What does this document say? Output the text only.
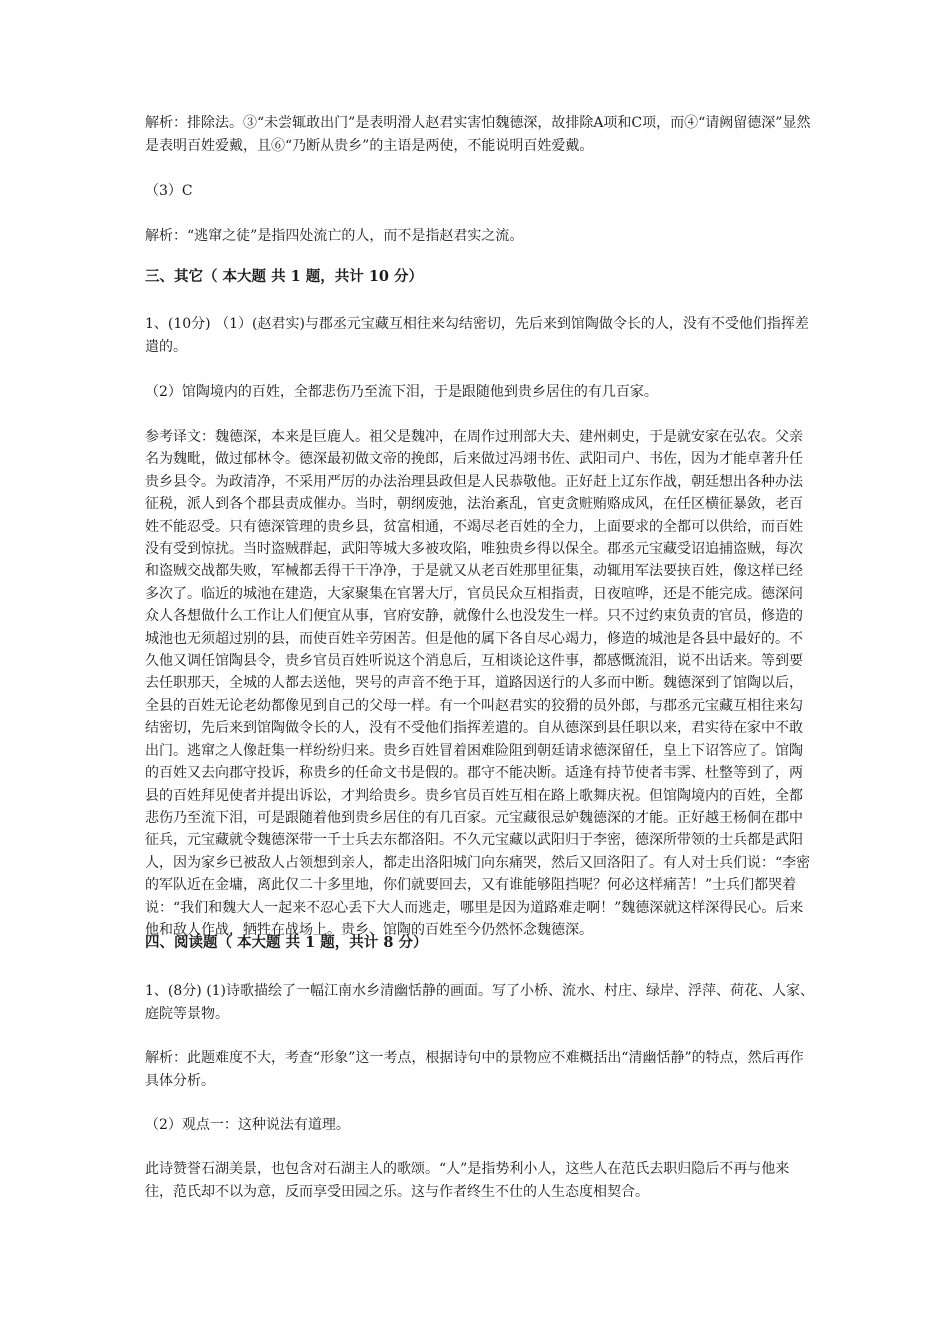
解析：排除法。③“未尝辄敢出门”是表明滑人赵君实害怕魏德深，故排除A项和C项，而④“请阙留德深”显然是表明百姓爱戴，且⑥“乃断从贵乡”的主语是两使，不能说明百姓爱戴。

（3）C

解析：“逃窜之徒”是指四处流亡的人，而不是指赵君实之流。

三、其它（ 本大题 共 1 题，共计 10 分）

1、(10分) （1）(赵君实)与郡丞元宝藏互相往来勾结密切，先后来到馆陶做令长的人，没有不受他们指挥差遣的。

（2）馆陶境内的百姓，全都悲伤乃至流下泪，于是跟随他到贵乡居住的有几百家。

参考译文：魏德深，本来是巨鹿人。祖父是魏冲，在周作过刑部大夫、建州刺史，于是就安家在弘农。父亲名为魏毗，做过郁林令。德深最初做文帝的挽郎，后来做过冯翊书佐、武阳司户、书佐，因为才能卓著升任贵乡县令。为政清净，不采用严厉的办法治理县政但是人民恭敬他。正好赶上辽东作战，朝廷想出各种办法征税，派人到各个郡县责成催办。当时，朝纲废弛，法治紊乱，官吏贪赃贿赂成风，在任区横征暴敛，老百姓不能忍受。只有德深管理的贵乡县，贫富相通，不竭尽老百姓的全力，上面要求的全都可以供给，而百姓没有受到惊扰。当时盗贼群起，武阳等城大多被攻陷，唯独贵乡得以保全。郡丞元宝藏受诏追捕盗贼，每次和盗贼交战都失败，军械都丢得干干净净，于是就又从老百姓那里征集，动辄用军法要挟百姓，像这样已经多次了。临近的城池在建造，大家聚集在官署大厅，官员民众互相指责，日夜喧哗，还是不能完成。德深问众人各想做什么工作让人们便宜从事，官府安静，就像什么也没发生一样。只不过约束负责的官员，修造的城池也无须超过别的县，而使百姓辛劳困苦。但是他的属下各自尽心竭力，修造的城池是各县中最好的。不久他又调任馆陶县令，贵乡官员百姓听说这个消息后，互相谈论这件事，都感慨流泪，说不出话来。等到要去任职那天，全城的人都去送他，哭号的声音不绝于耳，道路因送行的人多而中断。魏德深到了馆陶以后，全县的百姓无论老幼都像见到自己的父母一样。有一个叫赵君实的狡猾的员外郎，与郡丞元宝藏互相往来勾结密切，先后来到馆陶做令长的人，没有不受他们指挥差遣的。自从德深到县任职以来，君实待在家中不敢出门。逃窜之人像赶集一样纷纷归来。贵乡百姓冒着困难险阻到朝廷请求德深留任，皇上下诏答应了。馆陶的百姓又去向郡守投诉，称贵乡的任命文书是假的。郡守不能决断。适逢有持节使者韦霁、杜整等到了，两县的百姓拜见使者并提出诉讼，才判给贵乡。贵乡官员百姓互相在路上歌舞庆祝。但馆陶境内的百姓，全都悲伤乃至流下泪，可是跟随着他到贵乡居住的有几百家。元宝藏很忌妒魏德深的才能。正好越王杨侗在郡中征兵，元宝藏就令魏德深带一千士兵去东都洛阳。不久元宝藏以武阳归于李密，德深所带领的士兵都是武阳人，因为家乡已被敌人占领想到亲人，都走出洛阳城门向东痛哭，然后又回洛阳了。有人对士兵们说：“李密的军队近在金墉，离此仅二十多里地，你们就要回去，又有谁能够阻挡呢？何必这样痛苦！”士兵们都哭着说：“我们和魏大人一起来不忍心丢下大人而逃走，哪里是因为道路难走啊！”魏德深就这样深得民心。后来他和敌人作战，牺牲在战场上。贵乡、馆陶的百姓至今仍然怀念魏德深。

四、阅读题（ 本大题 共 1 题，共计 8 分）

1、(8分) (1)诗歌描绘了一幅江南水乡清幽恬静的画面。写了小桥、流水、村庄、绿岸、浮萍、荷花、人家、庭院等景物。

解析：此题难度不大，考查“形象”这一考点，根据诗句中的景物应不难概括出“清幽恬静”的特点，然后再作具体分析。

（2）观点一：这种说法有道理。

此诗赞誉石湖美景，也包含对石湖主人的歌颂。“人”是指势利小人，这些人在范氏去职归隐后不再与他来往，范氏却不以为意，反而享受田园之乐。这与作者终生不仕的人生态度相契合。
